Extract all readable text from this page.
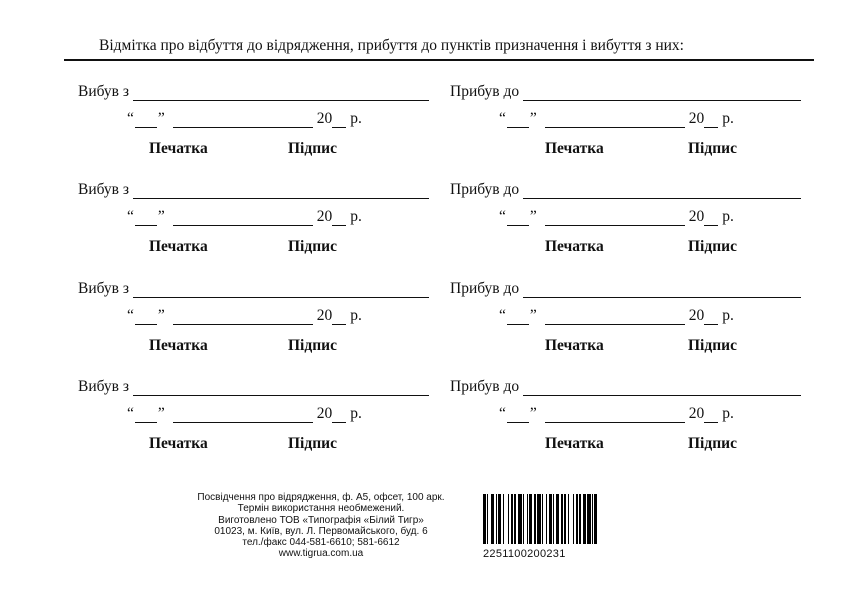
Відмітка про відбуття до відрядження, прибуття до пунктів призначення і вибуття з них:
Вибув з
“ ”	20 р.
Печатка	Підпис
Прибув до
“ ”	20 р.
Печатка	Підпис
Вибув з
“ ”	20 р.
Печатка	Підпис
Прибув до
“ ”	20 р.
Печатка	Підпис
Вибув з
“ ”	20 р.
Печатка	Підпис
Прибув до
“ ”	20 р.
Печатка	Підпис
Вибув з
“ ”	20 р.
Печатка	Підпис
Прибув до
“ ”	20 р.
Печатка	Підпис
Посвідчення про відрядження, ф. А5, офсет, 100 арк.
Термін використання необмежений.
Виготовлено ТОВ «Типографія «Білий Тигр»
01023, м. Київ, вул. Л. Первомайського, буд. 6
тел./факс 044-581-6610; 581-6612
www.tigrua.com.ua	2251100200231
